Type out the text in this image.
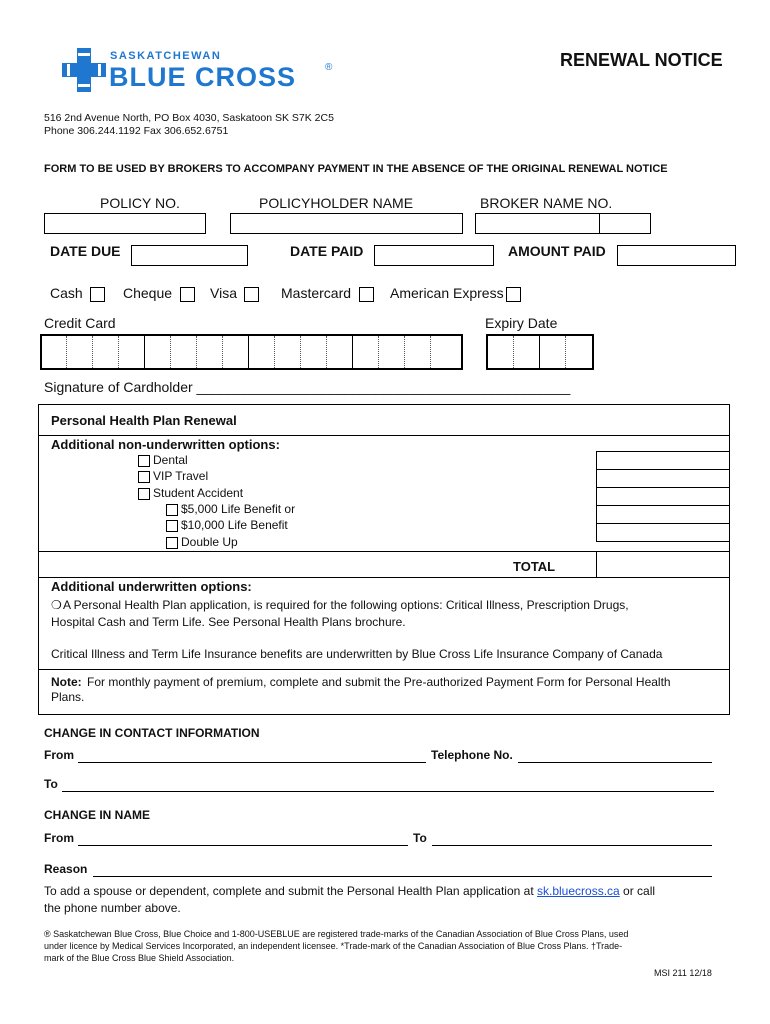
SASKATCHEWAN
BLUE CROSS	®	RENEWAL NOTICE
516 2nd Avenue North, PO Box 4030, Saskatoon SK S7K 2C5
Phone 306.244.1192 Fax 306.652.6751
FORM TO BE USED BY BROKERS TO ACCOMPANY PAYMENT IN THE ABSENCE OF THE ORIGINAL RENEWAL NOTICE
POLICY NO.	POLICYHOLDER NAME	BROKER NAME NO.
DATE DUE	DATE PAID	AMOUNT PAID
Cash	Cheque	Visa	Mastercard	American Express
Credit Card	Expiry Date
Signature of Cardholder ________________________________________________
Personal Health Plan Renewal
Additional non-underwritten options:
Dental
VIP Travel
Student Accident
$5,000 Life Benefit or
$10,000 Life Benefit
Double Up
TOTAL
Additional underwritten options:
❍ A Personal Health Plan application, is required for the following options: Critical Illness, Prescription Drugs,
Hospital Cash and Term Life. See Personal Health Plans brochure.
Critical Illness and Term Life Insurance benefits are underwritten by Blue Cross Life Insurance Company of Canada
Note: For monthly payment of premium, complete and submit the Pre-authorized Payment Form for Personal Health
Plans.
CHANGE IN CONTACT INFORMATION
From	Telephone No.
To
CHANGE IN NAME
From	To
Reason
To add a spouse or dependent, complete and submit the Personal Health Plan application at sk.bluecross.ca or call
the phone number above.
® Saskatchewan Blue Cross, Blue Choice and 1-800-USEBLUE are registered trade-marks of the Canadian Association of Blue Cross Plans, used
under licence by Medical Services Incorporated, an independent licensee. *Trade-mark of the Canadian Association of Blue Cross Plans. †Trade-
mark of the Blue Cross Blue Shield Association.
MSI 211 12/18
